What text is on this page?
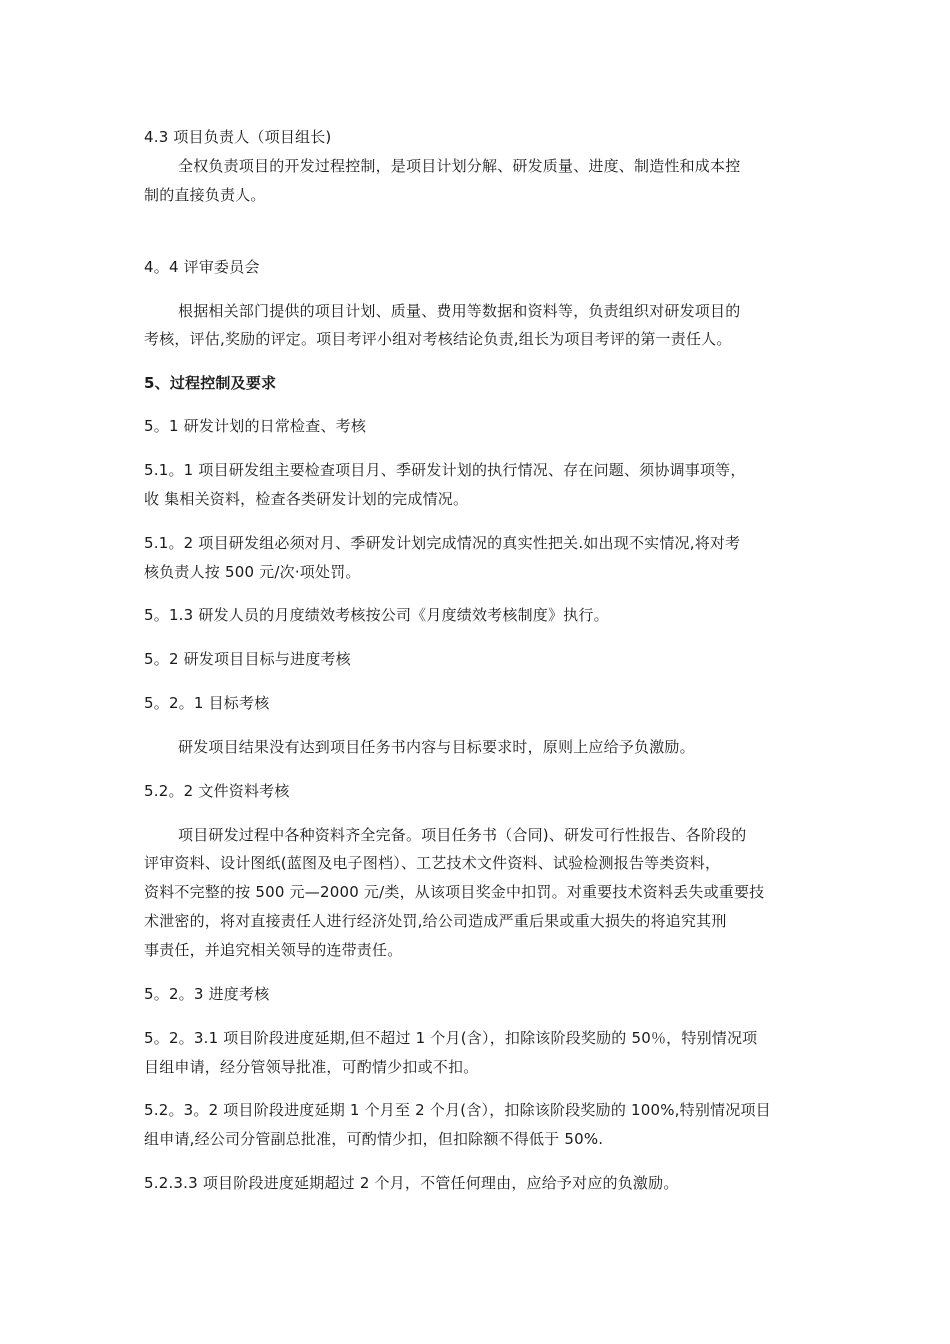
4.3 项目负责人（项目组长)
全权负责项目的开发过程控制，是项目计划分解、研发质量、进度、制造性和成本控
制的直接负责人。
4。4 评审委员会
根据相关部门提供的项目计划、质量、费用等数据和资料等，负责组织对研发项目的
考核，评估,奖励的评定。项目考评小组对考核结论负责,组长为项目考评的第一责任人。
5、过程控制及要求
5。1 研发计划的日常检查、考核
5.1。1 项目研发组主要检查项目月、季研发计划的执行情况、存在问题、须协调事项等，
收 集相关资料，检查各类研发计划的完成情况。
5.1。2 项目研发组必须对月、季研发计划完成情况的真实性把关.如出现不实情况,将对考
核负责人按 500 元/次·项处罚。
5。1.3 研发人员的月度绩效考核按公司《月度绩效考核制度》执行。
5。2 研发项目目标与进度考核
5。2。1 目标考核
研发项目结果没有达到项目任务书内容与目标要求时，原则上应给予负激励。
5.2。2 文件资料考核
项目研发过程中各种资料齐全完备。项目任务书（合同)、研发可行性报告、各阶段的
评审资料、设计图纸(蓝图及电子图档）、工艺技术文件资料、试验检测报告等类资料，
资料不完整的按 500 元—2000 元/类，从该项目奖金中扣罚。对重要技术资料丢失或重要技
术泄密的，将对直接责任人进行经济处罚,给公司造成严重后果或重大损失的将追究其刑
事责任，并追究相关领导的连带责任。
5。2。3 进度考核
5。2。3.1 项目阶段进度延期,但不超过 1 个月(含），扣除该阶段奖励的 50％，特别情况项
目组申请，经分管领导批准，可酌情少扣或不扣。
5.2。3。2 项目阶段进度延期 1 个月至 2 个月(含），扣除该阶段奖励的 100%,特别情况项目
组申请,经公司分管副总批准，可酌情少扣，但扣除额不得低于 50%.
5.2.3.3 项目阶段进度延期超过 2 个月，不管任何理由，应给予对应的负激励。
